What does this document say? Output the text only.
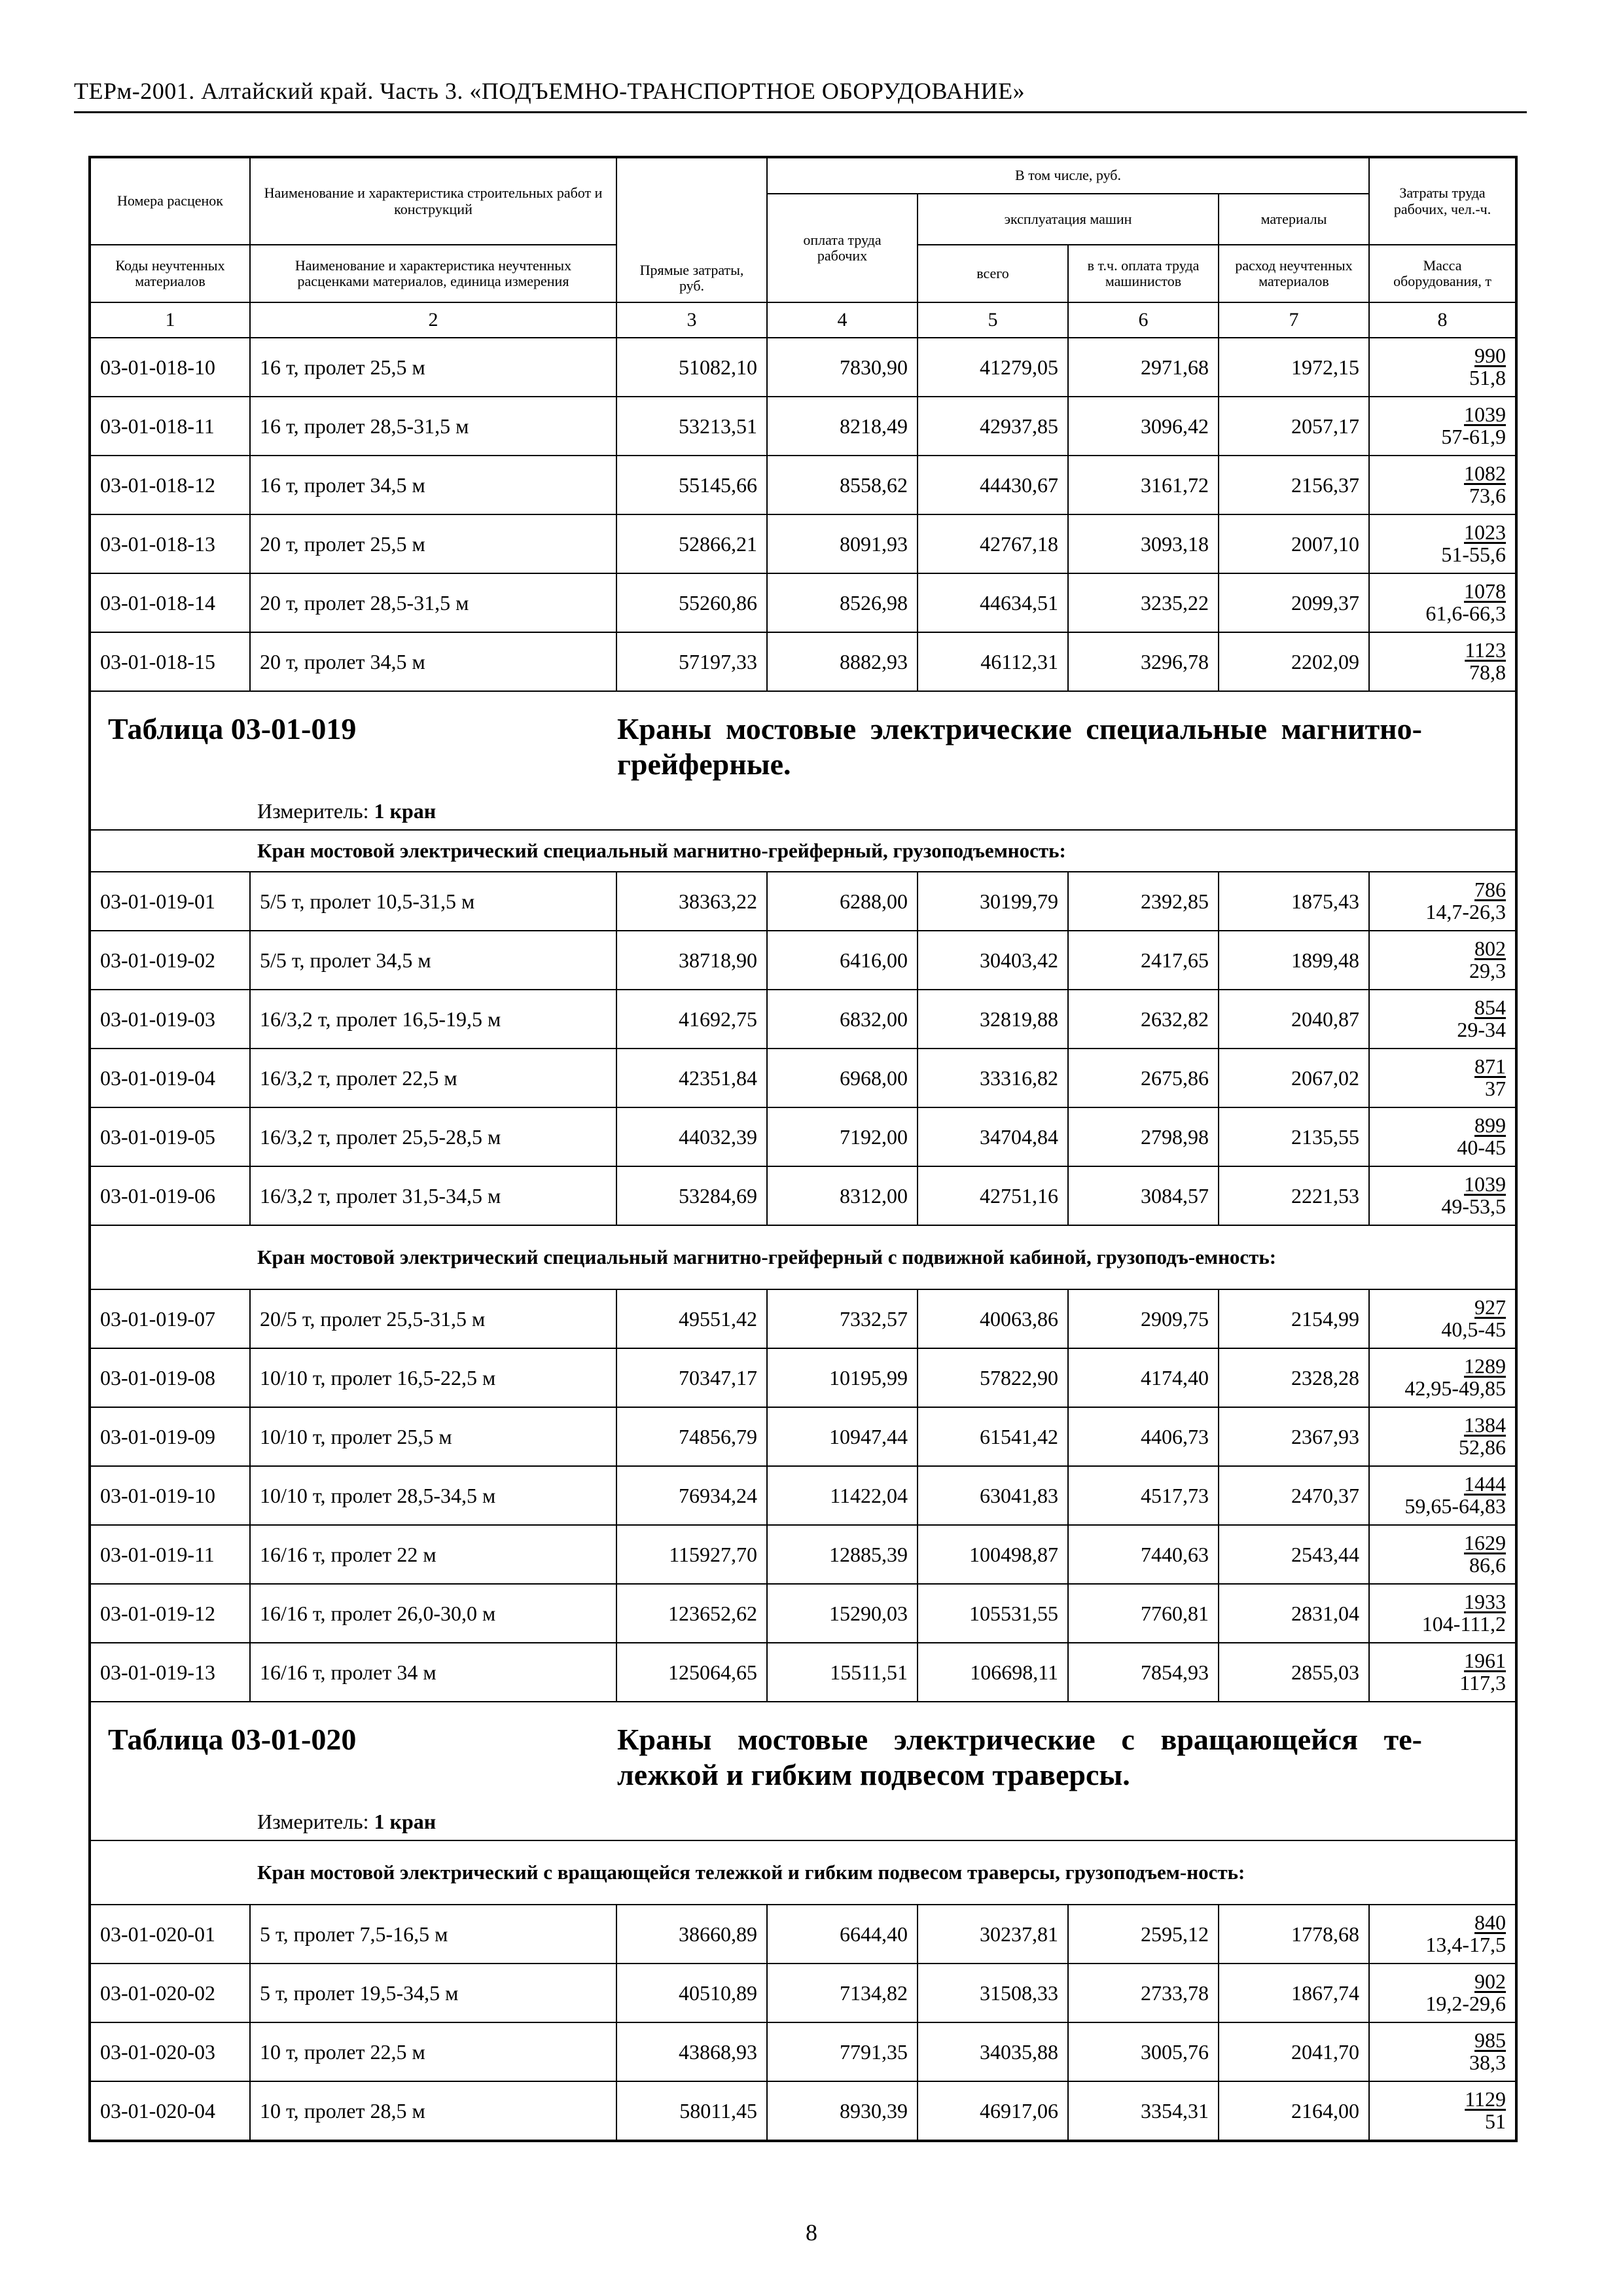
ТЕРм-2001. Алтайский край. Часть 3. «ПОДЪЕМНО-ТРАНСПОРТНОЕ ОБОРУДОВАНИЕ»
Номера расценок	Наименование и характеристика строительных работ и конструкций	Прямые затраты, руб.	В том числе, руб.				Затраты труда рабочих, чел.-ч.
			оплата труда рабочих	эксплуатация машин		материалы	
Коды неучтенных материалов	Наименование и характеристика неучтенных расценками материалов, единица измерения			всего	в т.ч. оплата труда машинистов	расход неучтенных материалов	Масса оборудования, т

1	2	3	4	5	6	7	8
03-01-018-10	16 т, пролет 25,5 м	51082,10	7830,90	41279,05	2971,68	1972,15	990
51,8

03-01-018-11	16 т, пролет 28,5-31,5 м	53213,51	8218,49	42937,85	3096,42	2057,17	1039
57-61,9

03-01-018-12	16 т, пролет 34,5 м	55145,66	8558,62	44430,67	3161,72	2156,37	1082
73,6

03-01-018-13	20 т, пролет 25,5 м	52866,21	8091,93	42767,18	3093,18	2007,10	1023
51-55,6

03-01-018-14	20 т, пролет 28,5-31,5 м	55260,86	8526,98	44634,51	3235,22	2099,37	1078
61,6-66,3

03-01-018-15	20 т, пролет 34,5 м	57197,33	8882,93	46112,31	3296,78	2202,09	1123
78,8

Таблица 03-01-019 Краны мостовые электрические специальные магнитно-грейферные.
Измеритель: 1 кран							

Кран мостовой электрический специальный магнитно-грейферный, грузоподъемность:							
03-01-019-01	5/5 т, пролет 10,5-31,5 м	38363,22	6288,00	30199,79	2392,85	1875,43	786
14,7-26,3

03-01-019-02	5/5 т, пролет 34,5 м	38718,90	6416,00	30403,42	2417,65	1899,48	802
29,3

03-01-019-03	16/3,2 т, пролет 16,5-19,5 м	41692,75	6832,00	32819,88	2632,82	2040,87	854
29-34

03-01-019-04	16/3,2 т, пролет 22,5 м	42351,84	6968,00	33316,82	2675,86	2067,02	871
37

03-01-019-05	16/3,2 т, пролет 25,5-28,5 м	44032,39	7192,00	34704,84	2798,98	2135,55	899
40-45

03-01-019-06	16/3,2 т, пролет 31,5-34,5 м	53284,69	8312,00	42751,16	3084,57	2221,53	1039
49-53,5

Кран мостовой электрический специальный магнитно-грейферный с подвижной кабиной, грузоподъ-емность:							
03-01-019-07	20/5 т, пролет 25,5-31,5 м	49551,42	7332,57	40063,86	2909,75	2154,99	927
40,5-45

03-01-019-08	10/10 т, пролет 16,5-22,5 м	70347,17	10195,99	57822,90	4174,40	2328,28	1289
42,95-49,85

03-01-019-09	10/10 т, пролет 25,5 м	74856,79	10947,44	61541,42	4406,73	2367,93	1384
52,86

03-01-019-10	10/10 т, пролет 28,5-34,5 м	76934,24	11422,04	63041,83	4517,73	2470,37	1444
59,65-64,83

03-01-019-11	16/16 т, пролет 22 м	115927,70	12885,39	100498,87	7440,63	2543,44	1629
86,6

03-01-019-12	16/16 т, пролет 26,0-30,0 м	123652,62	15290,03	105531,55	7760,81	2831,04	1933
104-111,2

03-01-019-13	16/16 т, пролет 34 м	125064,65	15511,51	106698,11	7854,93	2855,03	1961
117,3

Таблица 03-01-020 Краны мостовые электрические с вращающейся те-лежкой и гибким подвесом траверсы.
Измеритель: 1 кран							

Кран мостовой электрический с вращающейся тележкой и гибким подвесом траверсы, грузоподъем-ность:							
03-01-020-01	5 т, пролет 7,5-16,5 м	38660,89	6644,40	30237,81	2595,12	1778,68	840
13,4-17,5

03-01-020-02	5 т, пролет 19,5-34,5 м	40510,89	7134,82	31508,33	2733,78	1867,74	902
19,2-29,6

03-01-020-03	10 т, пролет 22,5 м	43868,93	7791,35	34035,88	3005,76	2041,70	985
38,3

03-01-020-04	10 т, пролет 28,5 м	58011,45	8930,39	46917,06	3354,31	2164,00	1129
51
8
